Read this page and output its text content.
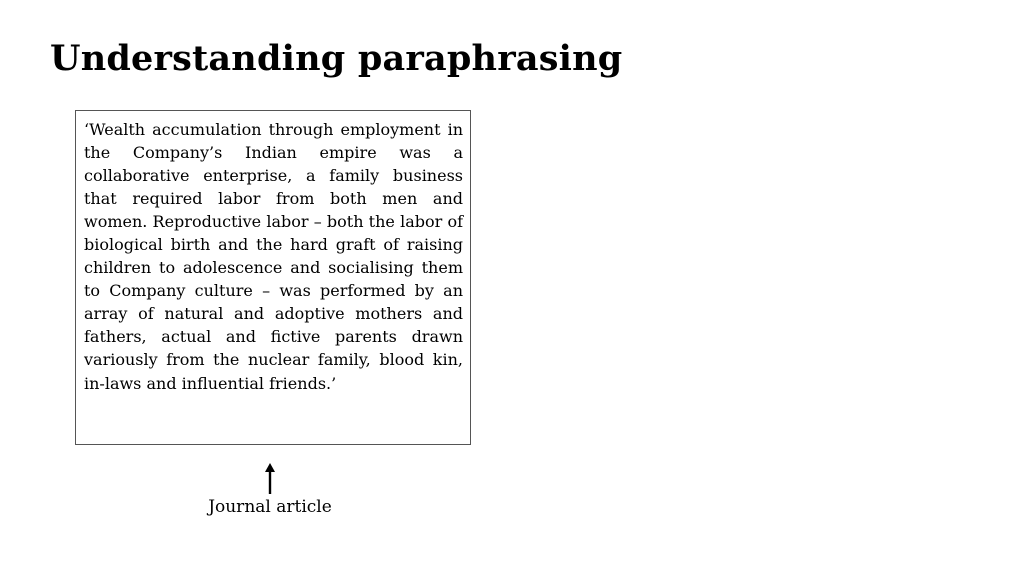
Understanding paraphrasing

‘Wealth accumulation through employment in the Company’s Indian empire was a collaborative enterprise, a family business that required labor from both men and women. Reproductive labor – both the labor of biological birth and the hard graft of raising children to adolescence and socialising them to Company culture – was performed by an array of natural and adoptive mothers and fathers, actual and fictive parents drawn variously from the nuclear family, blood kin, in-laws and influential friends.’

Journal article
